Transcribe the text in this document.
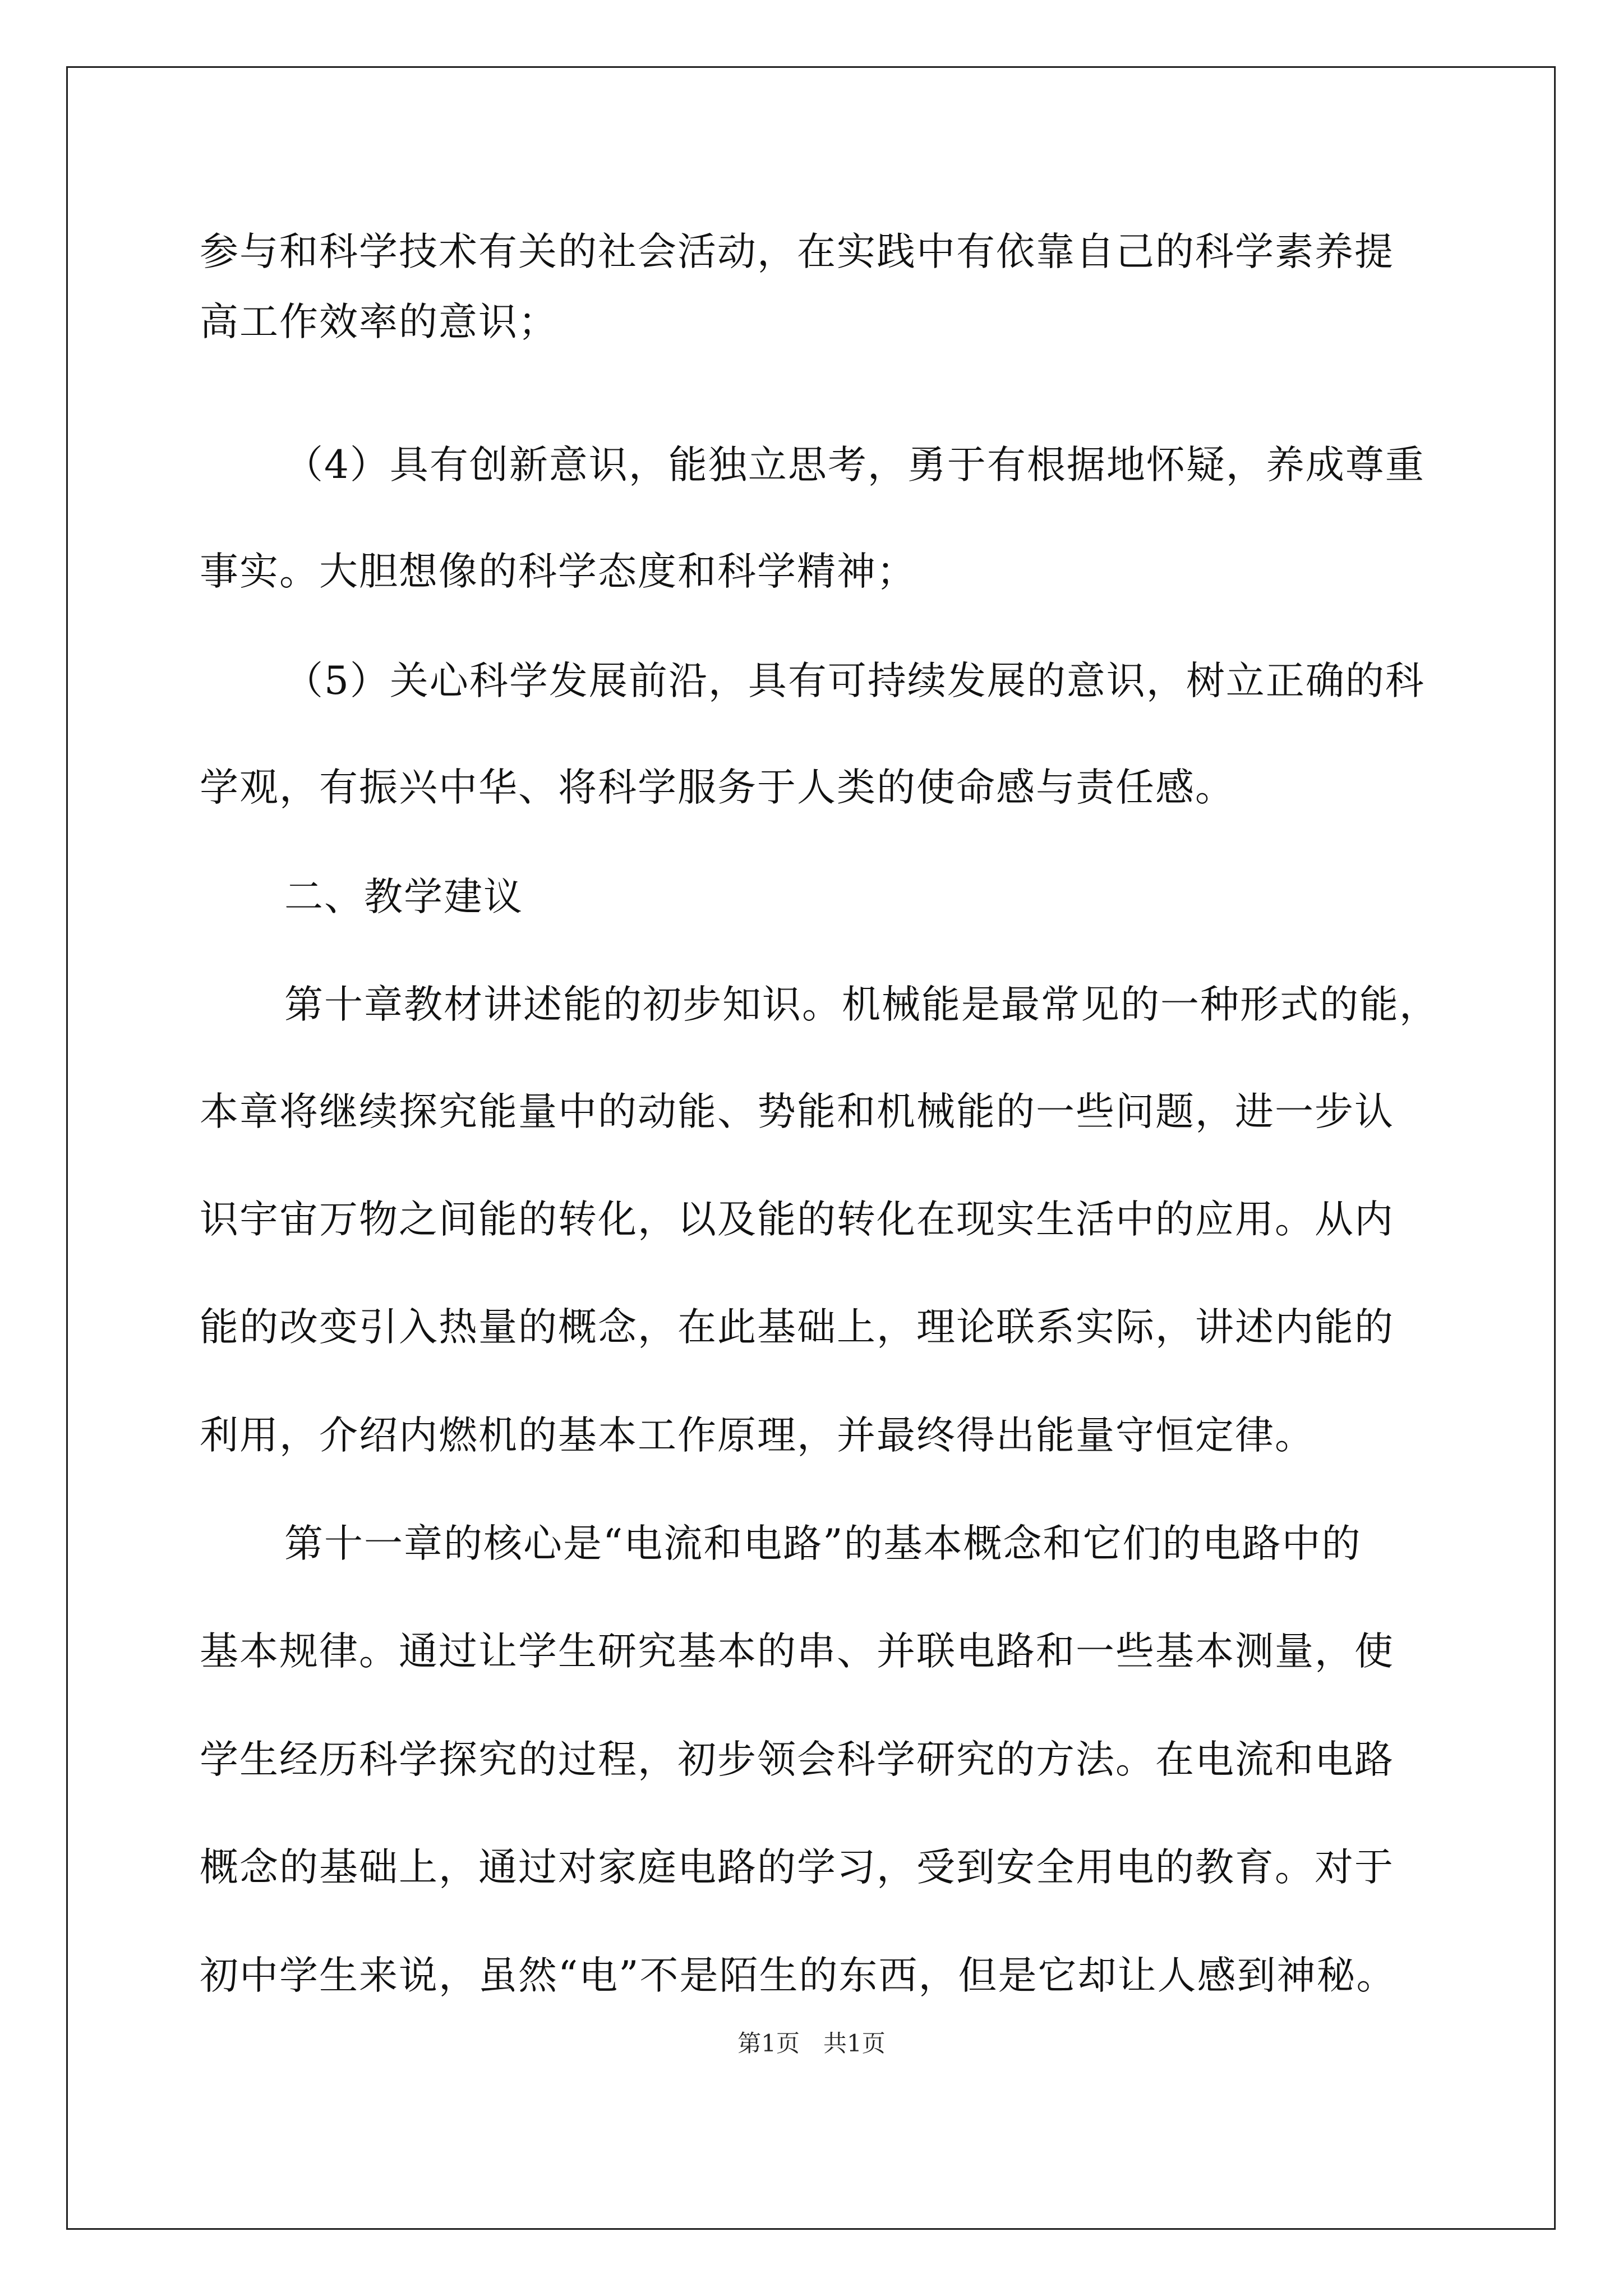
参与和科学技术有关的社会活动，在实践中有依靠自己的科学素养提
高工作效率的意识；
（4）具有创新意识，能独立思考，勇于有根据地怀疑，养成尊重
事实。大胆想像的科学态度和科学精神；
（5）关心科学发展前沿，具有可持续发展的意识，树立正确的科
学观，有振兴中华、将科学服务于人类的使命感与责任感。
二、教学建议
第十章教材讲述能的初步知识。机械能是最常见的一种形式的能，
本章将继续探究能量中的动能、势能和机械能的一些问题，进一步认
识宇宙万物之间能的转化，以及能的转化在现实生活中的应用。从内
能的改变引入热量的概念，在此基础上，理论联系实际，讲述内能的
利用，介绍内燃机的基本工作原理，并最终得出能量守恒定律。
第十一章的核心是“电流和电路”的基本概念和它们的电路中的
基本规律。通过让学生研究基本的串、并联电路和一些基本测量，使
学生经历科学探究的过程，初步领会科学研究的方法。在电流和电路
概念的基础上，通过对家庭电路的学习，受到安全用电的教育。对于
初中学生来说，虽然“电”不是陌生的东西，但是它却让人感到神秘。
第1页　共1页
